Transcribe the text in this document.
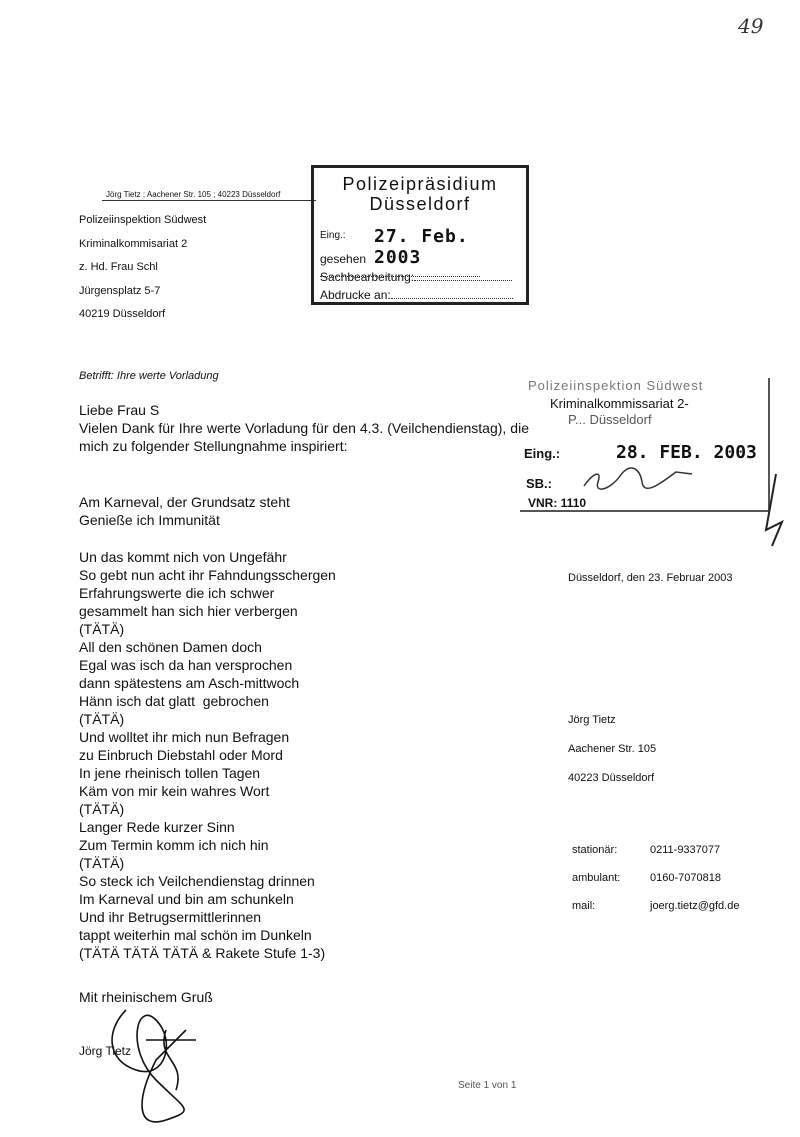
49
Jörg Tietz ; Aachener Str. 105 ; 40223 Düsseldorf
Polizeiinspektion Südwest
Kriminalkommisariat 2
z. Hd. Frau Schl
Jürgensplatz 5-7
40219 Düsseldorf
Polizeipräsidium
Düsseldorf
Eing.: 27. Feb. 2003
gesehen
Sachbearbeitung:
Abdrucke an:
Polizeiinspektion Südwest
Kriminalkommissariat 2-
P... Düsseldorf
Eing.:	28. FEB. 2003
SB.:
VNR: 1110
Betrifft: Ihre werte Vorladung
Liebe Frau S
Vielen Dank für Ihre werte Vorladung für den 4.3. (Veilchendienstag), die mich zu folgender Stellungnahme inspiriert:
Am Karneval, der Grundsatz steht
Genieße ich Immunität
Un das kommt nich von Ungefähr
So gebt nun acht ihr Fahndungsschergen
Erfahrungswerte die ich schwer
gesammelt han sich hier verbergen
(TÄTÄ)
All den schönen Damen doch
Egal was isch da han versprochen
dann spätestens am Asch-mittwoch
Hänn isch dat glatt  gebrochen
(TÄTÄ)
Und wolltet ihr mich nun Befragen
zu Einbruch Diebstahl oder Mord
In jene rheinisch tollen Tagen
Käm von mir kein wahres Wort
(TÄTÄ)
Langer Rede kurzer Sinn
Zum Termin komm ich nich hin
(TÄTÄ)
So steck ich Veilchendienstag drinnen
Im Karneval und bin am schunkeln
Und ihr Betrugsermittlerinnen
tappt weiterhin mal schön im Dunkeln
(TÄTÄ TÄTÄ TÄTÄ & Rakete Stufe 1-3)
Mit rheinischem Gruß
Jörg Tietz
Düsseldorf, den 23. Februar 2003
Jörg Tietz
Aachener Str. 105
40223 Düsseldorf
stationär:	0211-9337077
ambulant:	0160-7070818
mail:	joerg.tietz@gfd.de
Seite 1 von 1
